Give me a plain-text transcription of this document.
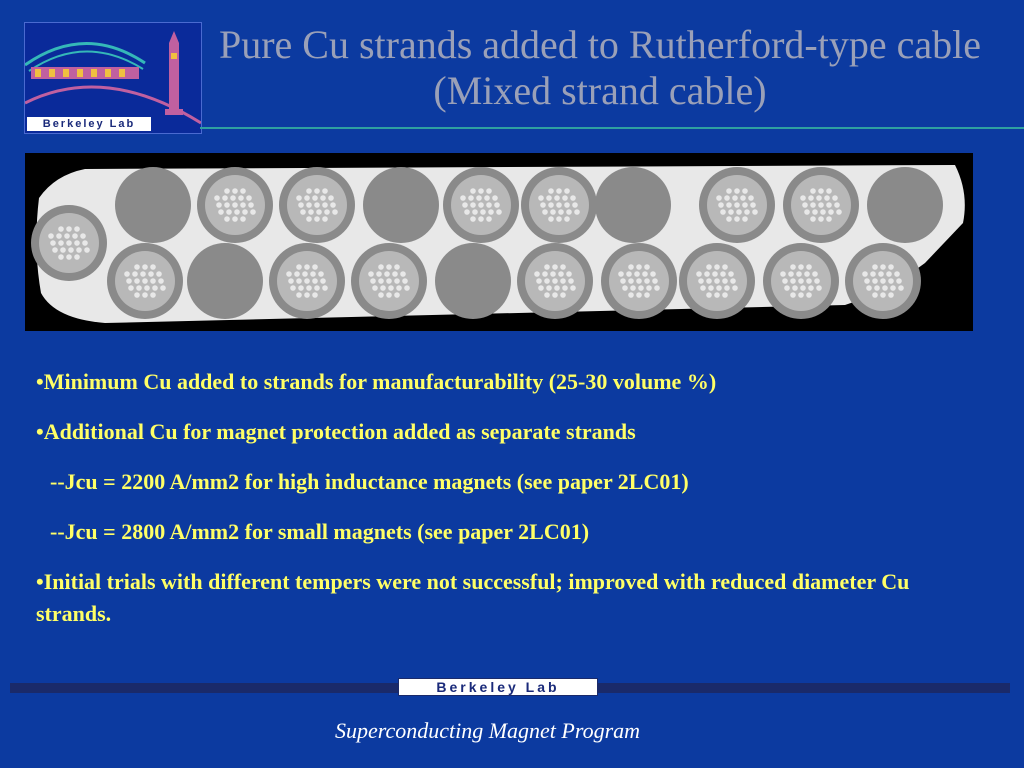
Berkeley Lab
Pure Cu strands added to Rutherford-type cable (Mixed strand cable)

•Minimum Cu added to strands for manufacturability (25-30 volume %)

•Additional Cu for magnet protection added as separate strands

--Jcu = 2200 A/mm2 for high inductance magnets (see paper 2LC01)

--Jcu = 2800 A/mm2 for small magnets (see paper 2LC01)

•Initial trials with different tempers were not successful; improved with reduced diameter Cu strands.

Berkeley Lab
Superconducting Magnet Program
